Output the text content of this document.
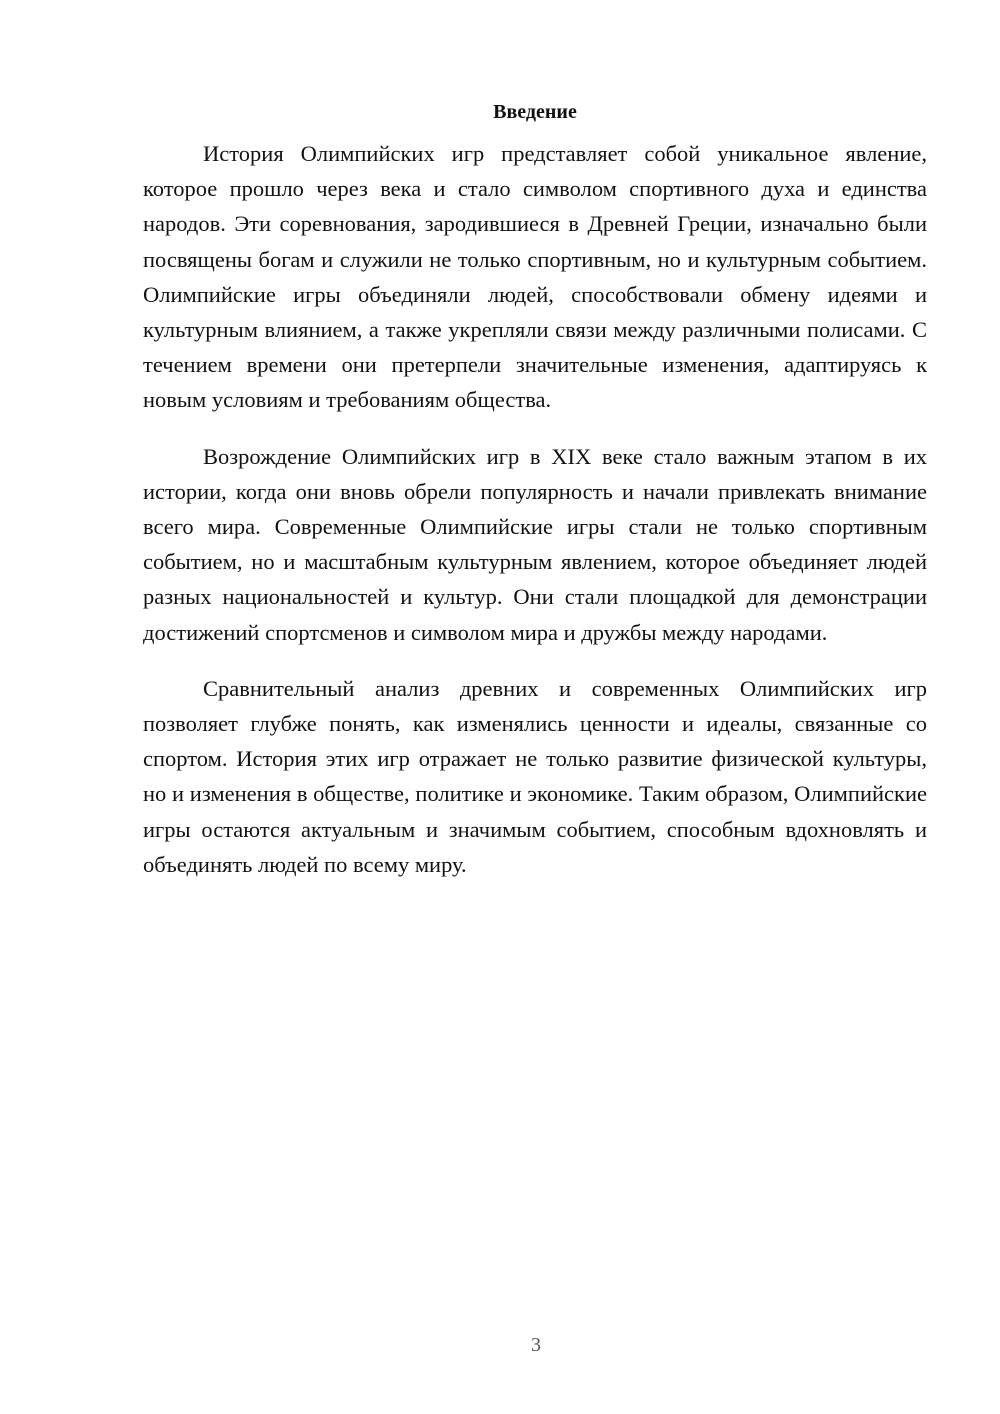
Введение

История Олимпийских игр представляет собой уникальное явление, которое прошло через века и стало символом спортивного духа и единства народов. Эти соревнования, зародившиеся в Древней Греции, изначально были посвящены богам и служили не только спортивным, но и культурным событием. Олимпийские игры объединяли людей, способствовали обмену идеями и культурным влиянием, а также укрепляли связи между различными полисами. С течением времени они претерпели значительные изменения, адаптируясь к новым условиям и требованиям общества.

Возрождение Олимпийских игр в XIX веке стало важным этапом в их истории, когда они вновь обрели популярность и начали привлекать внимание всего мира. Современные Олимпийские игры стали не только спортивным событием, но и масштабным культурным явлением, которое объединяет людей разных национальностей и культур. Они стали площадкой для демонстрации достижений спортсменов и символом мира и дружбы между народами.

Сравнительный анализ древних и современных Олимпийских игр позволяет глубже понять, как изменялись ценности и идеалы, связанные со спортом. История этих игр отражает не только развитие физической культуры, но и изменения в обществе, политике и экономике. Таким образом, Олимпийские игры остаются актуальным и значимым событием, способным вдохновлять и объединять людей по всему миру.

3
